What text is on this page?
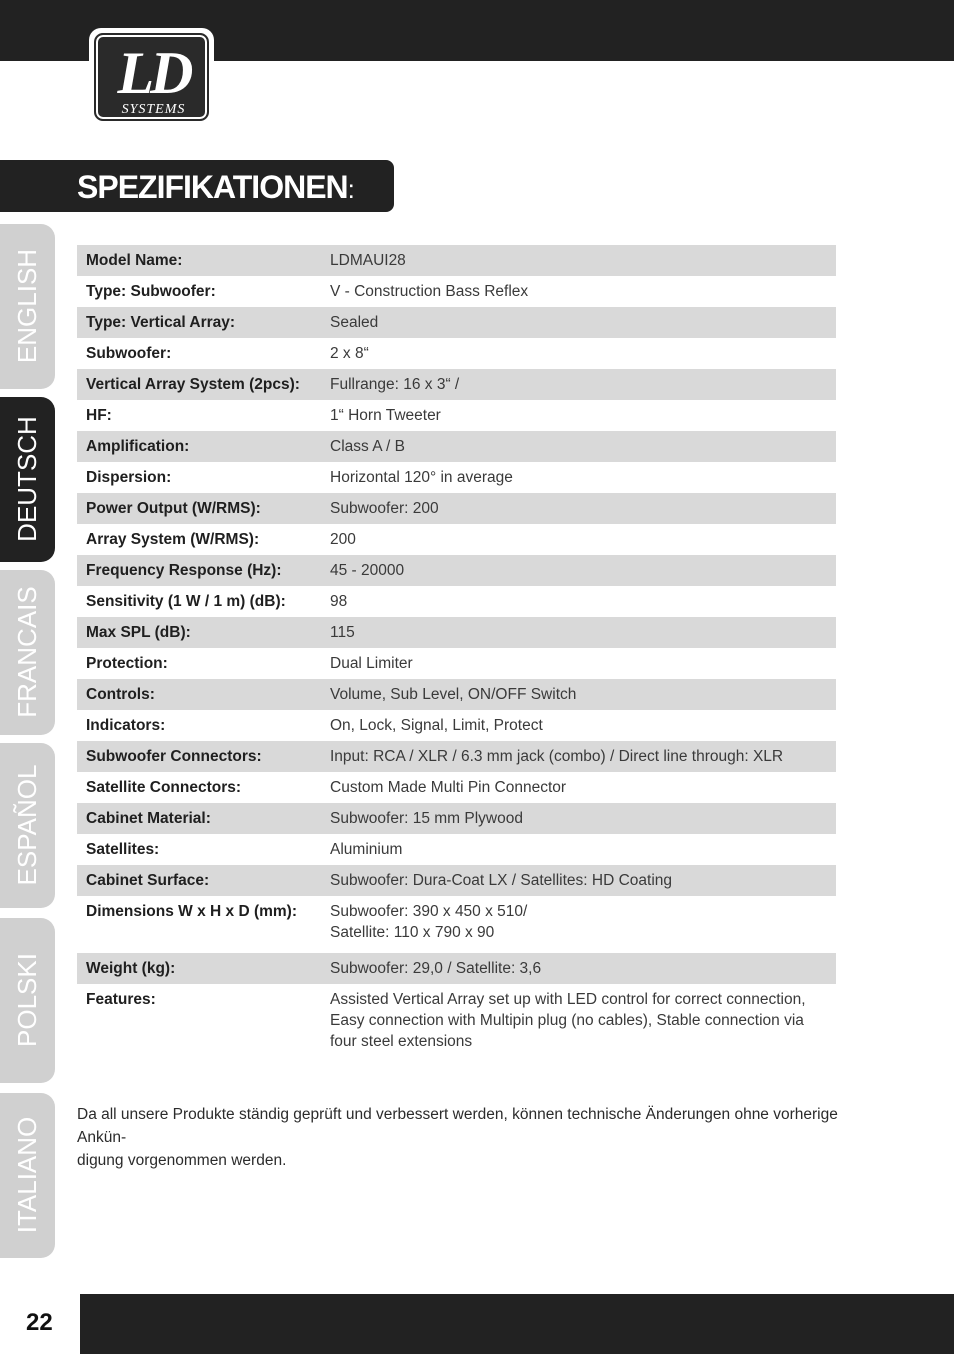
LD
SYSTEMS
SPEZIFIKATIONEN:
ENGLISH
DEUTSCH
FRANCAIS
ESPAÑOL
POLSKI
ITALIANO
Model Name:	LDMAUI28
Type: Subwoofer:	V - Construction Bass Reflex
Type: Vertical Array:	Sealed
Subwoofer:	2 x 8“
Vertical Array System (2pcs):	Fullrange: 16 x 3“ /
HF:	1“ Horn Tweeter
Amplification:	Class A / B
Dispersion:	Horizontal 120° in average
Power Output (W/RMS):	Subwoofer: 200
Array System (W/RMS):	200
Frequency Response (Hz):	45 - 20000
Sensitivity (1 W / 1 m) (dB):	98
Max SPL (dB):	115
Protection:	Dual Limiter
Controls:	Volume, Sub Level, ON/OFF Switch
Indicators:	On, Lock, Signal, Limit, Protect
Subwoofer Connectors:	Input: RCA / XLR / 6.3 mm jack (combo) / Direct line through: XLR
Satellite Connectors:	Custom Made Multi Pin Connector
Cabinet Material:	Subwoofer: 15 mm Plywood
Satellites:	Aluminium
Cabinet Surface:	Subwoofer: Dura-Coat LX / Satellites: HD Coating
Dimensions W x H x D (mm):	Subwoofer: 390 x 450 x 510/
Satellite: 110 x 790 x 90
Weight (kg):	Subwoofer: 29,0 / Satellite: 3,6
Features:	Assisted Vertical Array set up with LED control for correct connection, Easy connection with Multipin plug (no cables), Stable connection via four steel extensions
Da all unsere Produkte ständig geprüft und verbessert werden, können technische Änderungen ohne vorherige Ankün-
digung vorgenommen werden.
22
